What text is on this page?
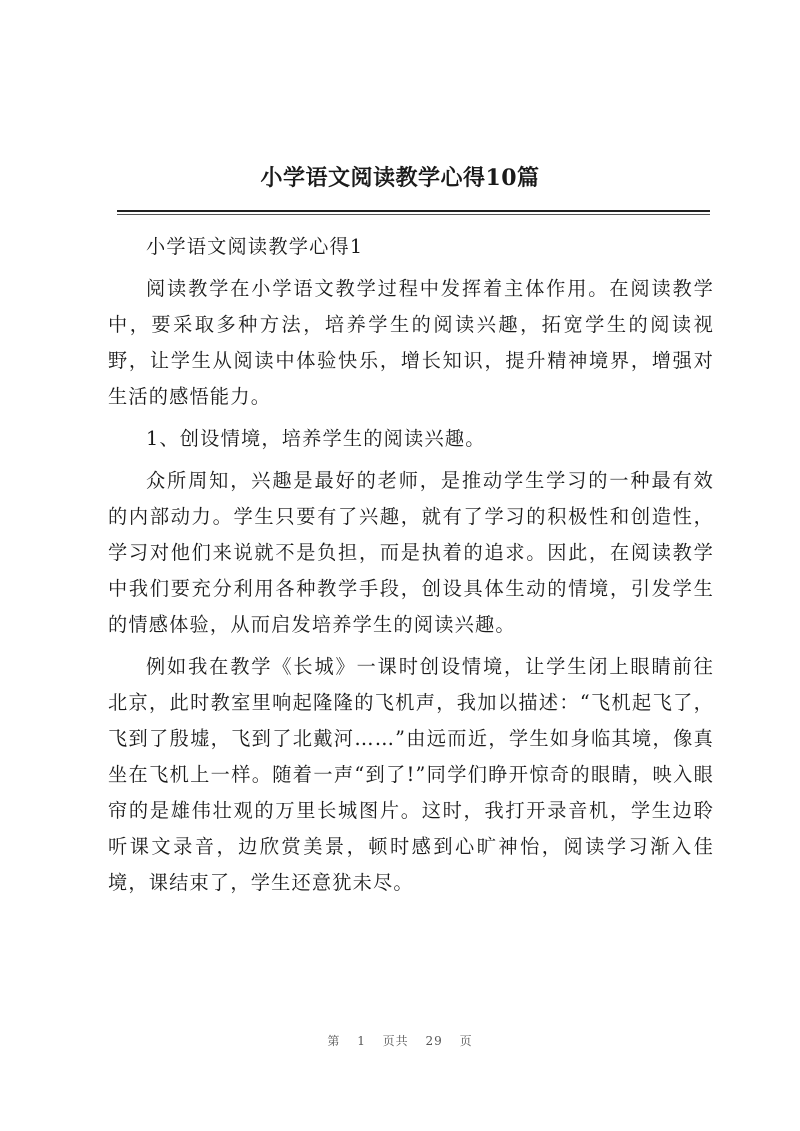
小学语文阅读教学心得10篇

小学语文阅读教学心得1

阅读教学在小学语文教学过程中发挥着主体作用。在阅读教学中，要采取多种方法，培养学生的阅读兴趣，拓宽学生的阅读视野，让学生从阅读中体验快乐，增长知识，提升精神境界，增强对生活的感悟能力。

1、创设情境，培养学生的阅读兴趣。

众所周知，兴趣是最好的老师，是推动学生学习的一种最有效的内部动力。学生只要有了兴趣，就有了学习的积极性和创造性，学习对他们来说就不是负担，而是执着的追求。因此，在阅读教学中我们要充分利用各种教学手段，创设具体生动的情境，引发学生的情感体验，从而启发培养学生的阅读兴趣。

例如我在教学《长城》一课时创设情境，让学生闭上眼睛前往北京，此时教室里响起隆隆的飞机声，我加以描述：“飞机起飞了，飞到了殷墟，飞到了北戴河……”由远而近，学生如身临其境，像真坐在飞机上一样。随着一声“到了!”同学们睁开惊奇的眼睛，映入眼帘的是雄伟壮观的万里长城图片。这时，我打开录音机，学生边聆听课文录音，边欣赏美景，顿时感到心旷神怡，阅读学习渐入佳境，课结束了，学生还意犹未尽。

第 1 页共 29 页
